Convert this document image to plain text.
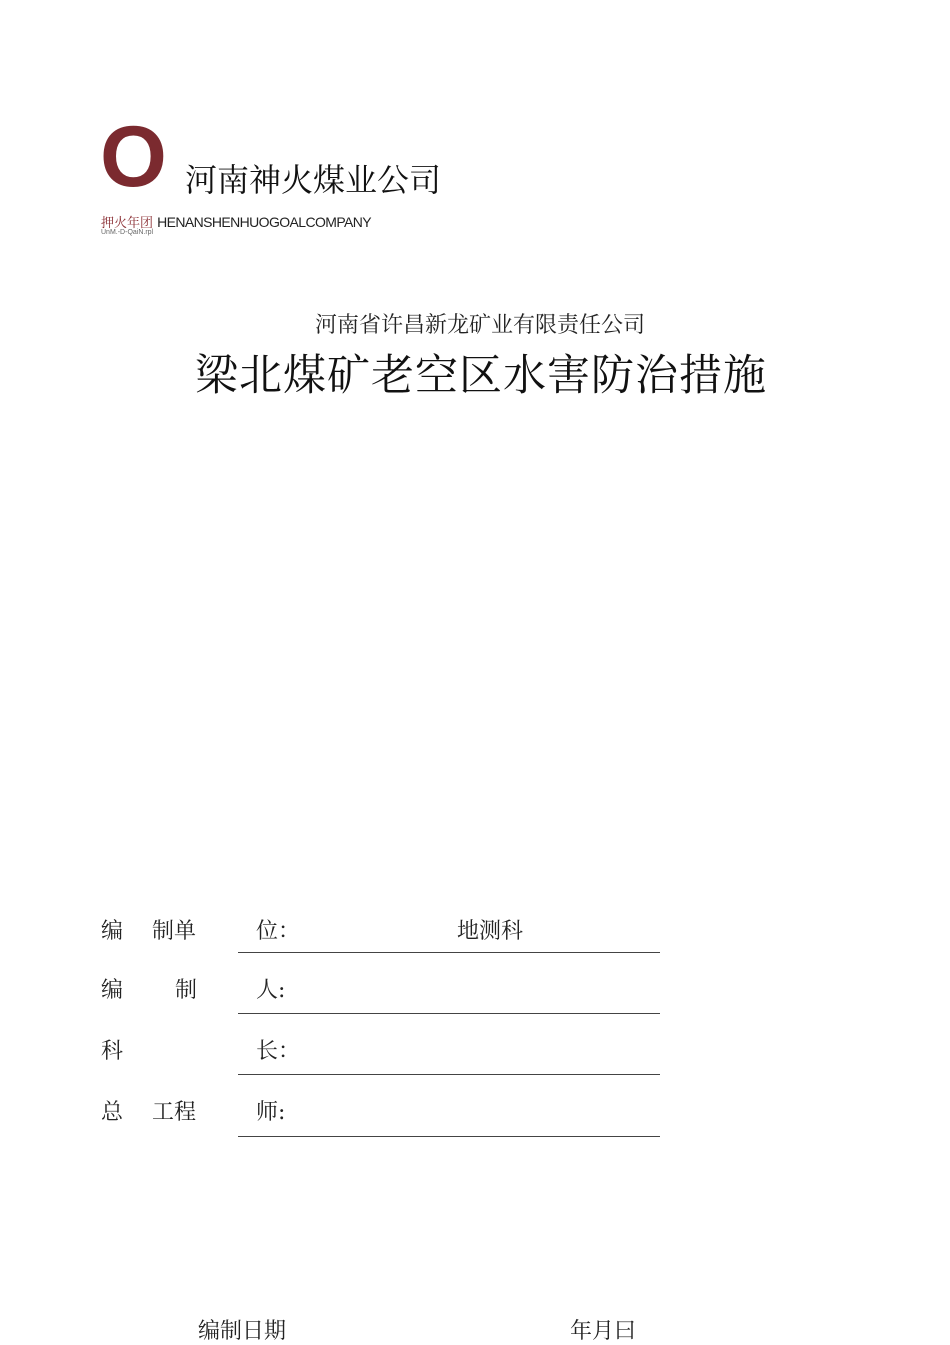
O 河南神火煤业公司
押火年团 HENANSHENHUOGOALCOMPANY
UnM.-D-QaiN.rpl
河南省许昌新龙矿业有限责任公司
梁北煤矿老空区水害防治措施
编 制单	位：	地测科
编 制	人:
科	长：
总 工程	师:
编制日期	年月曰
